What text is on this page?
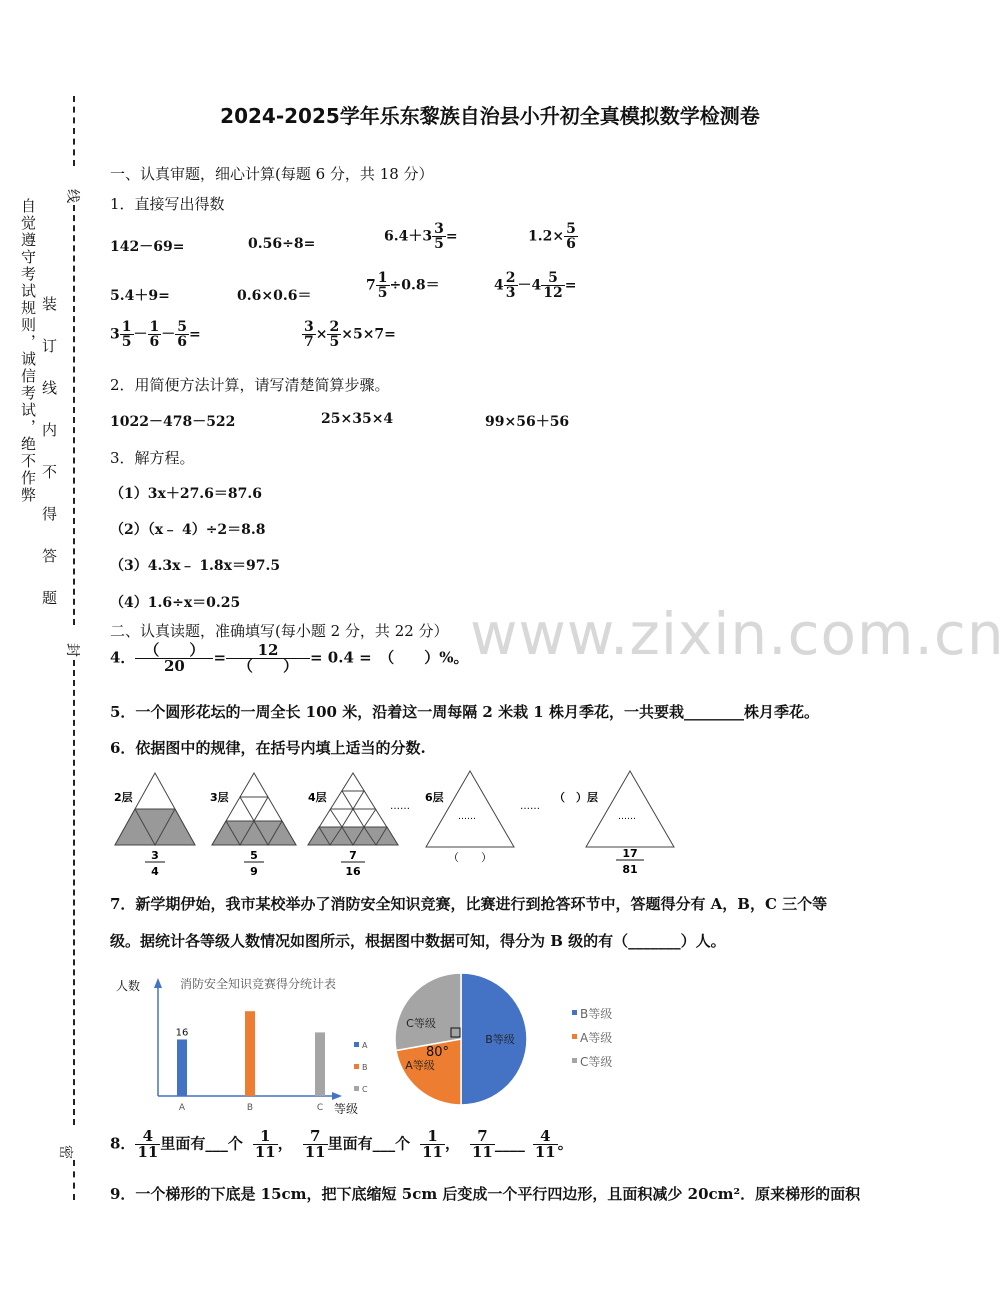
线
封
密
自觉遵守考试规则，诚信考试，绝不作弊 装
订
线
内
不
得
答
题
www.zixin.com.cn
2024-2025学年乐东黎族自治县小升初全真模拟数学检测卷
一、认真审题，细心计算(每题 6 分，共 18 分）
1．直接写出得数
142－69=	0.56÷8=	$6.4+3 \frac{3}{5}$ =	$1.2\times \frac{5}{6}$
5.4＋9=	0.6×0.6＝
$7 \frac{1}{5} \div 0.8=$	$4 \frac{2}{3} -4 \frac{5}{12}$ =
$3 \frac{1}{5} - \frac{1}{6} - \frac{5}{6}$ =	$\frac{3}{7} \times \frac{2}{5} \times 5\times 7=$
2．用简便方法计算，请写清楚简算步骤。
1022－478－522	25×35×4	99×56＋56
3．解方程。
（1）3x＋27.6＝87.6
（2）（x﹣ 4）÷2＝8.8
（3）4.3x﹣ 1.8x＝97.5
（4）1.6÷x＝0.25
二、认真读题，准确填写(每小题 2 分，共 22 分）
4． $\frac{( )}{20} = \frac{12}{( )} = 0.4$ =　（　　）%。
5．一个圆形花坛的一周全长 100 米，沿着这一周每隔 2 米栽 1 株月季花，一共要栽________株月季花。
6．依据图中的规律，在括号内填上适当的分数.
2层	3层	4层
……
6层
……
……
（　）层
……
3
4
5
9
7
16
（　　）	17
81
7．新学期伊始，我市某校举办了消防安全知识竞赛，比赛进行到抢答环节中，答题得分有 A，B，C 三个等
级。据统计各等级人数情况如图所示，根据图中数据可知，得分为 B 级的有（_______）人。
消防安全知识竞赛得分统计表
人数
等级
A
16
B	C
A
B
C
B等级
A等级
C等级
80°
B等级
A等级
C等级
8． $\frac{4}{11}$ 里面有___个 $\frac{1}{11}$ ， $\frac{7}{11}$ 里面有___个 $\frac{1}{11}$ ， $\frac{7}{11}$ ____ $\frac{4}{11}$ 。
9．一个梯形的下底是 15cm，把下底缩短 5cm 后变成一个平行四边形，且面积减少 20cm²．原来梯形的面积
